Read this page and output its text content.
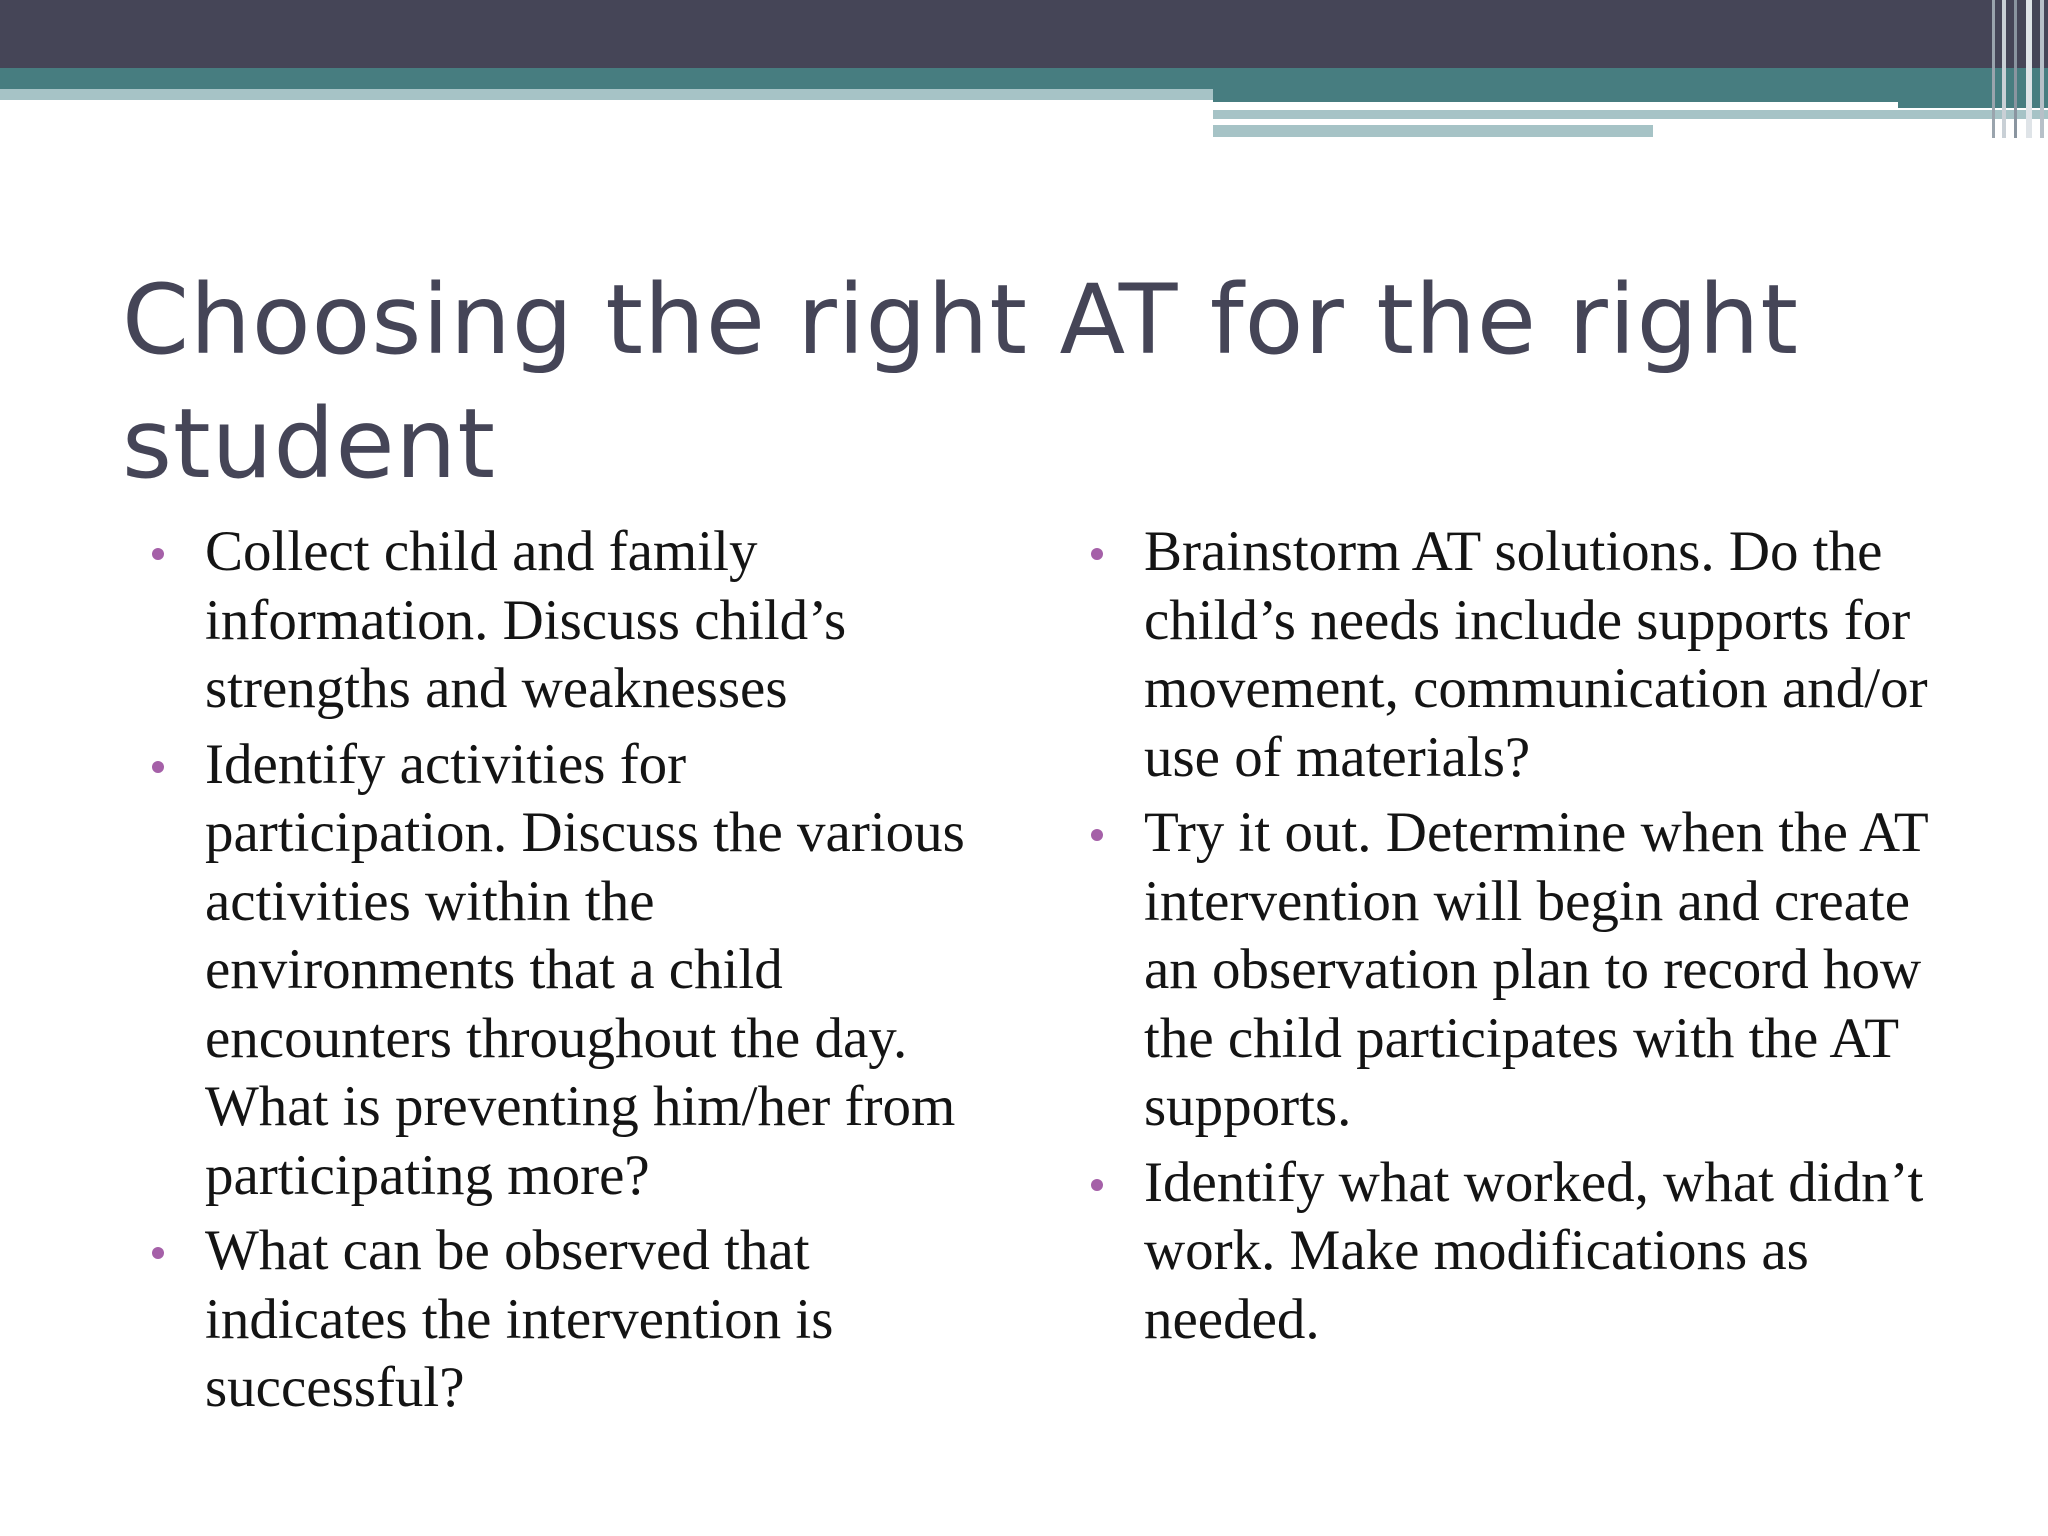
Choosing the right AT for the right student
Collect child and family information. Discuss child’s strengths and weaknesses
Identify activities for participation. Discuss the various activities within the environments that a child encounters throughout the day. What is preventing him/her from participating more?
What can be observed that indicates the intervention is successful?
Brainstorm AT solutions. Do the child’s needs include supports for movement, communication and/or use of materials?
Try it out. Determine when the AT intervention will begin and create an observation plan to record how the child participates with the AT supports.
Identify what worked, what didn’t work. Make modifications as needed.
